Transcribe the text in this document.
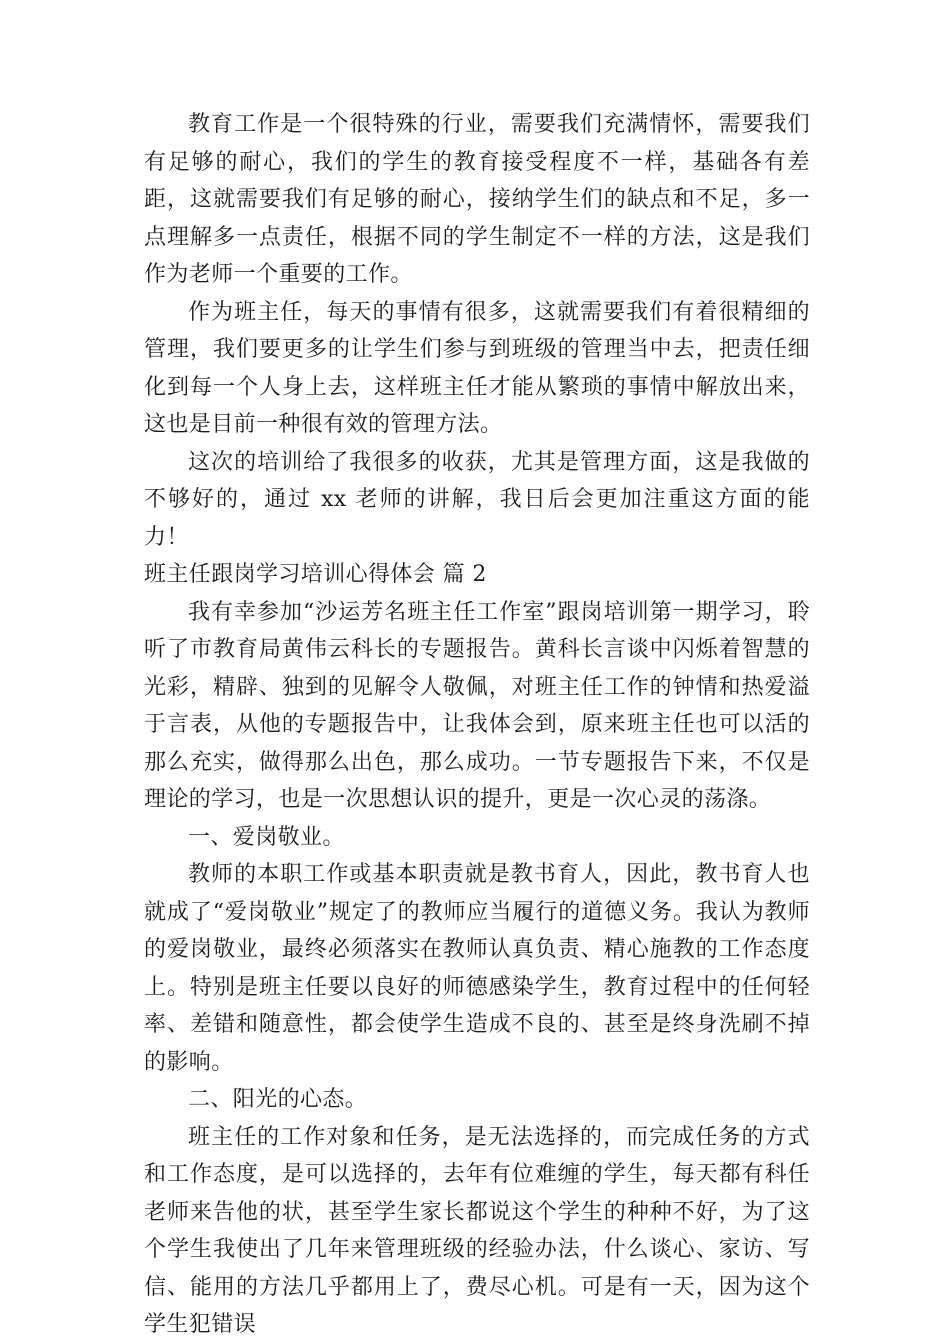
教育工作是一个很特殊的行业，需要我们充满情怀，需要我们有足够的耐心，我们的学生的教育接受程度不一样，基础各有差距，这就需要我们有足够的耐心，接纳学生们的缺点和不足，多一点理解多一点责任，根据不同的学生制定不一样的方法，这是我们作为老师一个重要的工作。

作为班主任，每天的事情有很多，这就需要我们有着很精细的管理，我们要更多的让学生们参与到班级的管理当中去，把责任细化到每一个人身上去，这样班主任才能从繁琐的事情中解放出来，这也是目前一种很有效的管理方法。

这次的培训给了我很多的收获，尤其是管理方面，这是我做的不够好的，通过 xx 老师的讲解，我日后会更加注重这方面的能力！

班主任跟岗学习培训心得体会 篇 2

我有幸参加“沙运芳名班主任工作室”跟岗培训第一期学习，聆听了市教育局黄伟云科长的专题报告。黄科长言谈中闪烁着智慧的光彩，精辟、独到的见解令人敬佩，对班主任工作的钟情和热爱溢于言表，从他的专题报告中，让我体会到，原来班主任也可以活的那么充实，做得那么出色，那么成功。一节专题报告下来，不仅是理论的学习，也是一次思想认识的提升，更是一次心灵的荡涤。

一、爱岗敬业。

教师的本职工作或基本职责就是教书育人，因此，教书育人也就成了“爱岗敬业”规定了的教师应当履行的道德义务。我认为教师的爱岗敬业，最终必须落实在教师认真负责、精心施教的工作态度上。特别是班主任要以良好的师德感染学生，教育过程中的任何轻率、差错和随意性，都会使学生造成不良的、甚至是终身洗刷不掉的影响。

二、阳光的心态。

班主任的工作对象和任务，是无法选择的，而完成任务的方式和工作态度，是可以选择的，去年有位难缠的学生，每天都有科任老师来告他的状，甚至学生家长都说这个学生的种种不好，为了这个学生我使出了几年来管理班级的经验办法，什么谈心、家访、写信、能用的方法几乎都用上了，费尽心机。可是有一天，因为这个学生犯错误
